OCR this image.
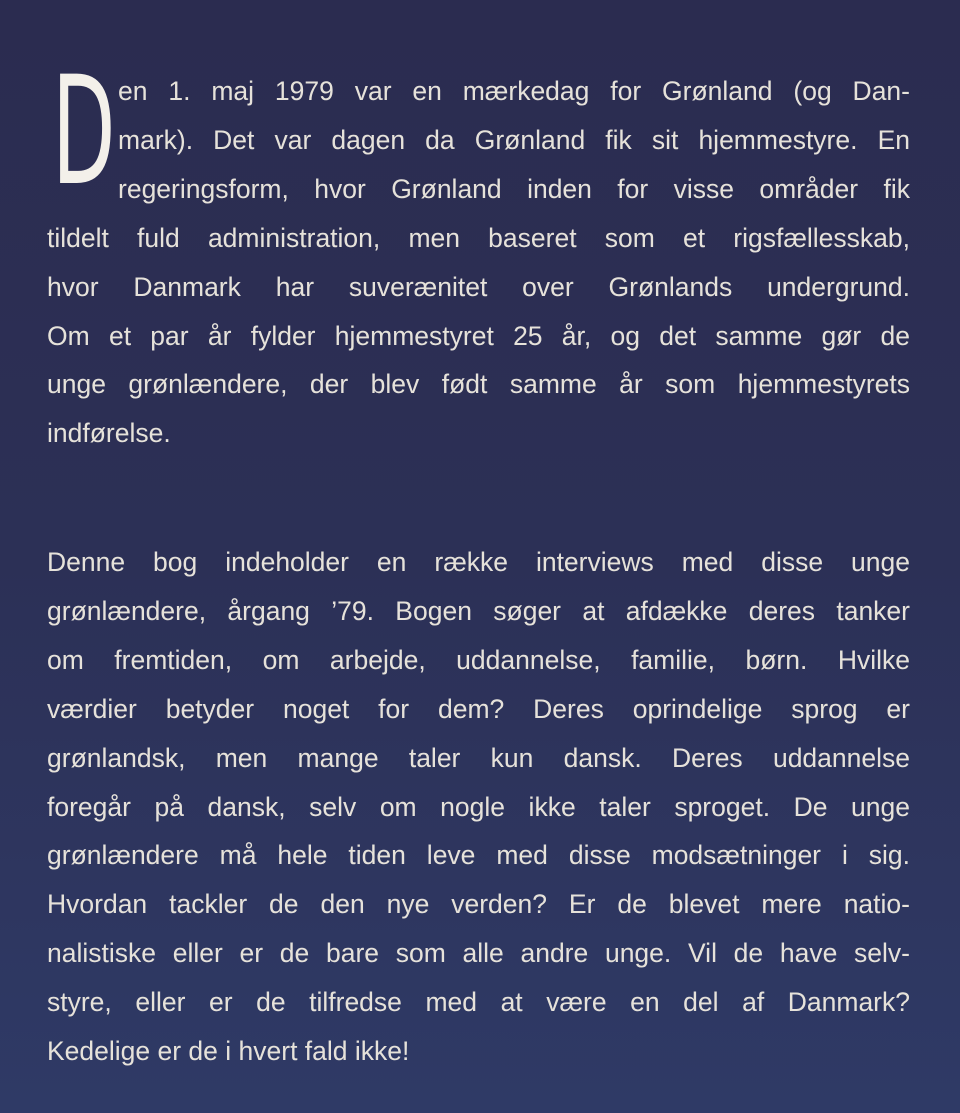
D en 1. maj 1979 var en mærkedag for Grønland (og Dan-
mark). Det var dagen da Grønland fik sit hjemmestyre. En
regeringsform, hvor Grønland inden for visse områder fik
tildelt fuld administration, men baseret som et rigsfællesskab,
hvor Danmark har suverænitet over Grønlands undergrund.
Om et par år fylder hjemmestyret 25 år, og det samme gør de
unge grønlændere, der blev født samme år som hjemmestyrets
indførelse.
Denne bog indeholder en række interviews med disse unge
grønlændere, årgang ’79. Bogen søger at afdække deres tanker
om fremtiden, om arbejde, uddannelse, familie, børn. Hvilke
værdier betyder noget for dem? Deres oprindelige sprog er
grønlandsk, men mange taler kun dansk. Deres uddannelse
foregår på dansk, selv om nogle ikke taler sproget. De unge
grønlændere må hele tiden leve med disse modsætninger i sig.
Hvordan tackler de den nye verden? Er de blevet mere natio-
nalistiske eller er de bare som alle andre unge. Vil de have selv-
styre, eller er de tilfredse med at være en del af Danmark?
Kedelige er de i hvert fald ikke!
